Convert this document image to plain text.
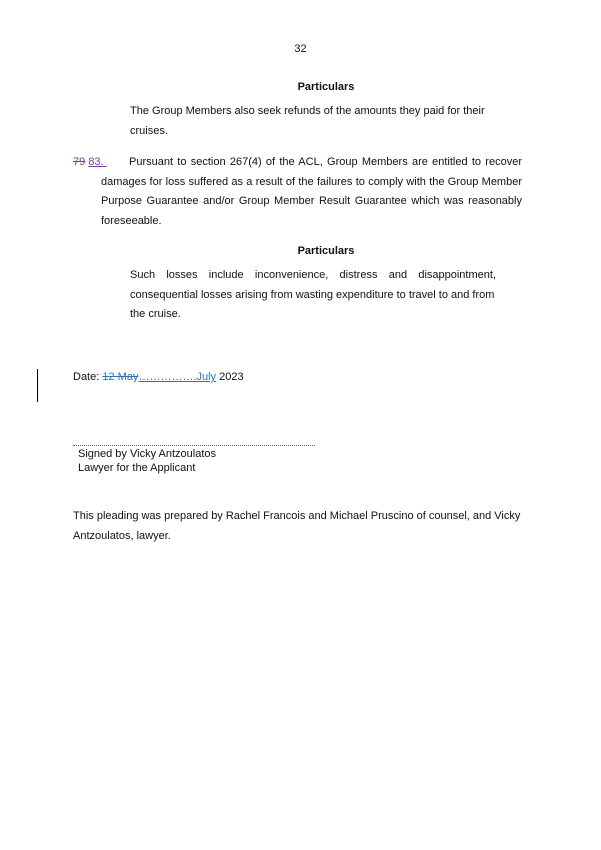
32
Particulars
The Group Members also seek refunds of the amounts they paid for their
cruises.
79 83.	Pursuant to section 267(4) of the ACL, Group Members are entitled to recover damages for loss suffered as a result of the failures to comply with the Group Member Purpose Guarantee and/or Group Member Result Guarantee which was reasonably foreseeable.
Particulars
Such losses include inconvenience, distress and disappointment,
consequential losses arising from wasting expenditure to travel to and from
the cruise.
Date: 12 May…………….July 2023
Signed by Vicky Antzoulatos
Lawyer for the Applicant
This pleading was prepared by Rachel Francois and Michael Pruscino of counsel, and Vicky Antzoulatos, lawyer.
